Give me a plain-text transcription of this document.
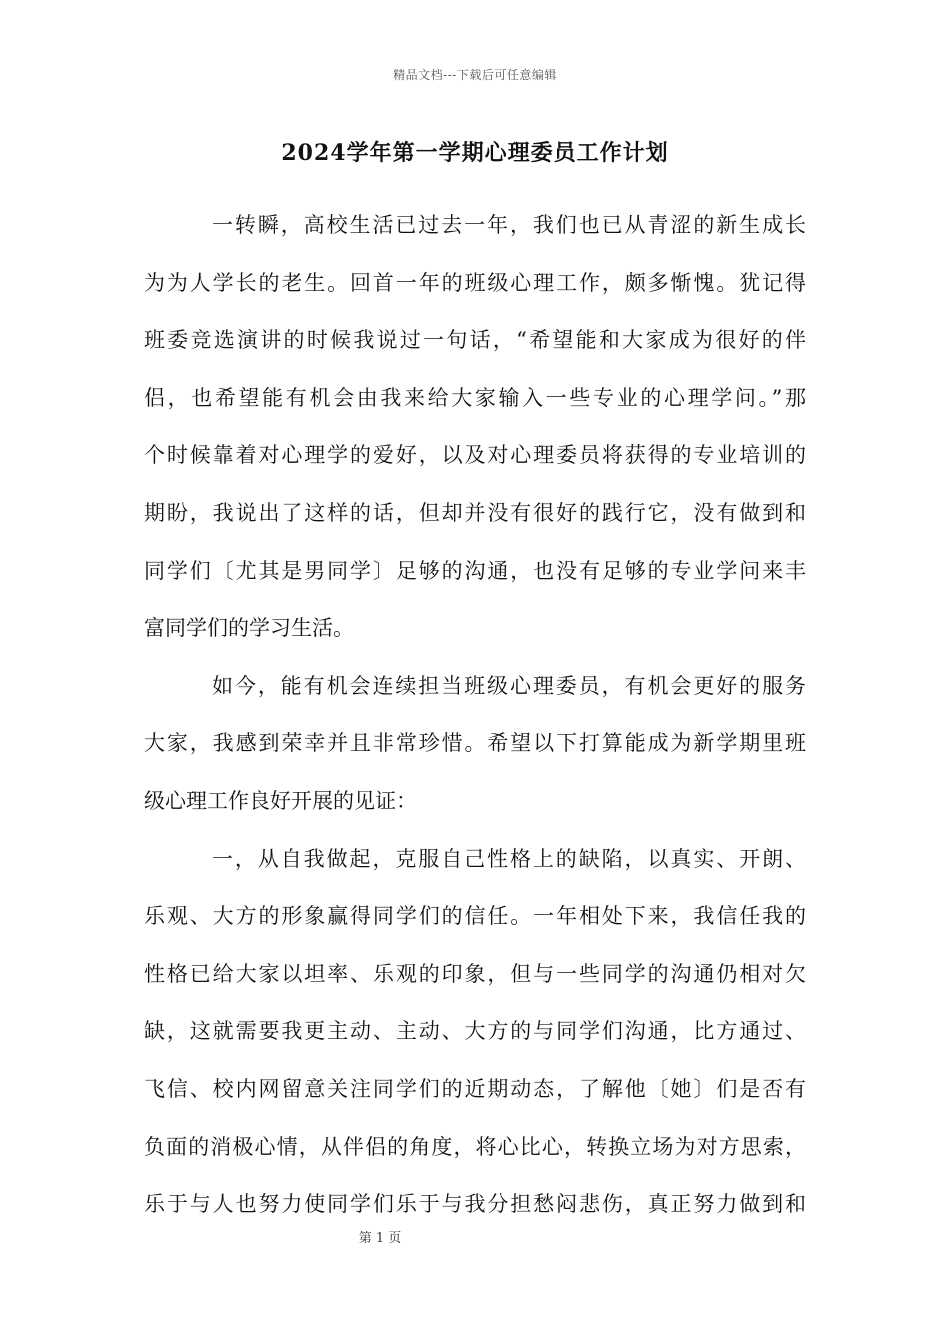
精品文档---下载后可任意编辑
2024学年第一学期心理委员工作计划
一转瞬，高校生活已过去一年，我们也已从青涩的新生成长
为为人学长的老生。回首一年的班级心理工作，颇多惭愧。犹记得
班委竞选演讲的时候我说过一句话，“希望能和大家成为很好的伴
侣，也希望能有机会由我来给大家输入一些专业的心理学问。”那
个时候靠着对心理学的爱好，以及对心理委员将获得的专业培训的
期盼，我说出了这样的话，但却并没有很好的践行它，没有做到和
同学们〔尤其是男同学〕足够的沟通，也没有足够的专业学问来丰
富同学们的学习生活。
如今，能有机会连续担当班级心理委员，有机会更好的服务
大家，我感到荣幸并且非常珍惜。希望以下打算能成为新学期里班
级心理工作良好开展的见证：
一，从自我做起，克服自己性格上的缺陷，以真实、开朗、
乐观、大方的形象赢得同学们的信任。一年相处下来，我信任我的
性格已给大家以坦率、乐观的印象，但与一些同学的沟通仍相对欠
缺，这就需要我更主动、主动、大方的与同学们沟通，比方通过、
飞信、校内网留意关注同学们的近期动态，了解他〔她〕们是否有
负面的消极心情，从伴侣的角度，将心比心，转换立场为对方思索，
乐于与人也努力使同学们乐于与我分担愁闷悲伤，真正努力做到和
第 1 页
